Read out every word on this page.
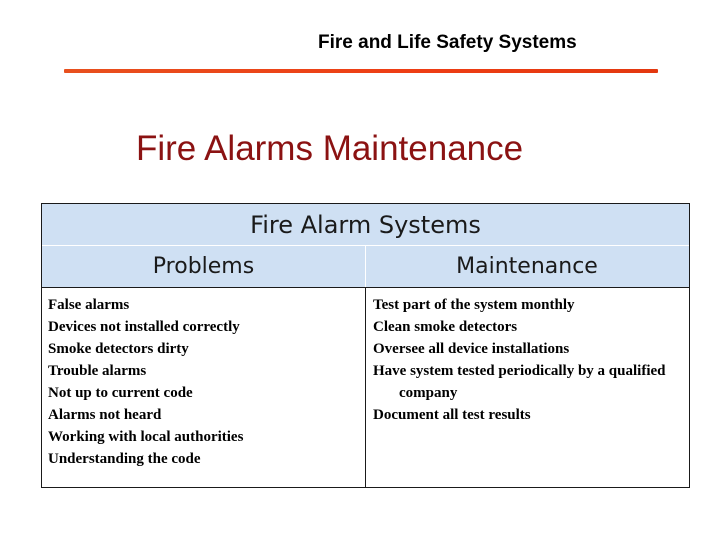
Fire and Life Safety Systems
Fire Alarms Maintenance
Fire Alarm Systems
Problems	Maintenance
False alarms
Devices not installed correctly
Smoke detectors dirty
Trouble alarms
Not up to current code
Alarms not heard
Working with local authorities
Understanding the code
Test part of the system monthly
Clean smoke detectors
Oversee all device installations
Have system tested periodically by a qualified company
Document all test results
